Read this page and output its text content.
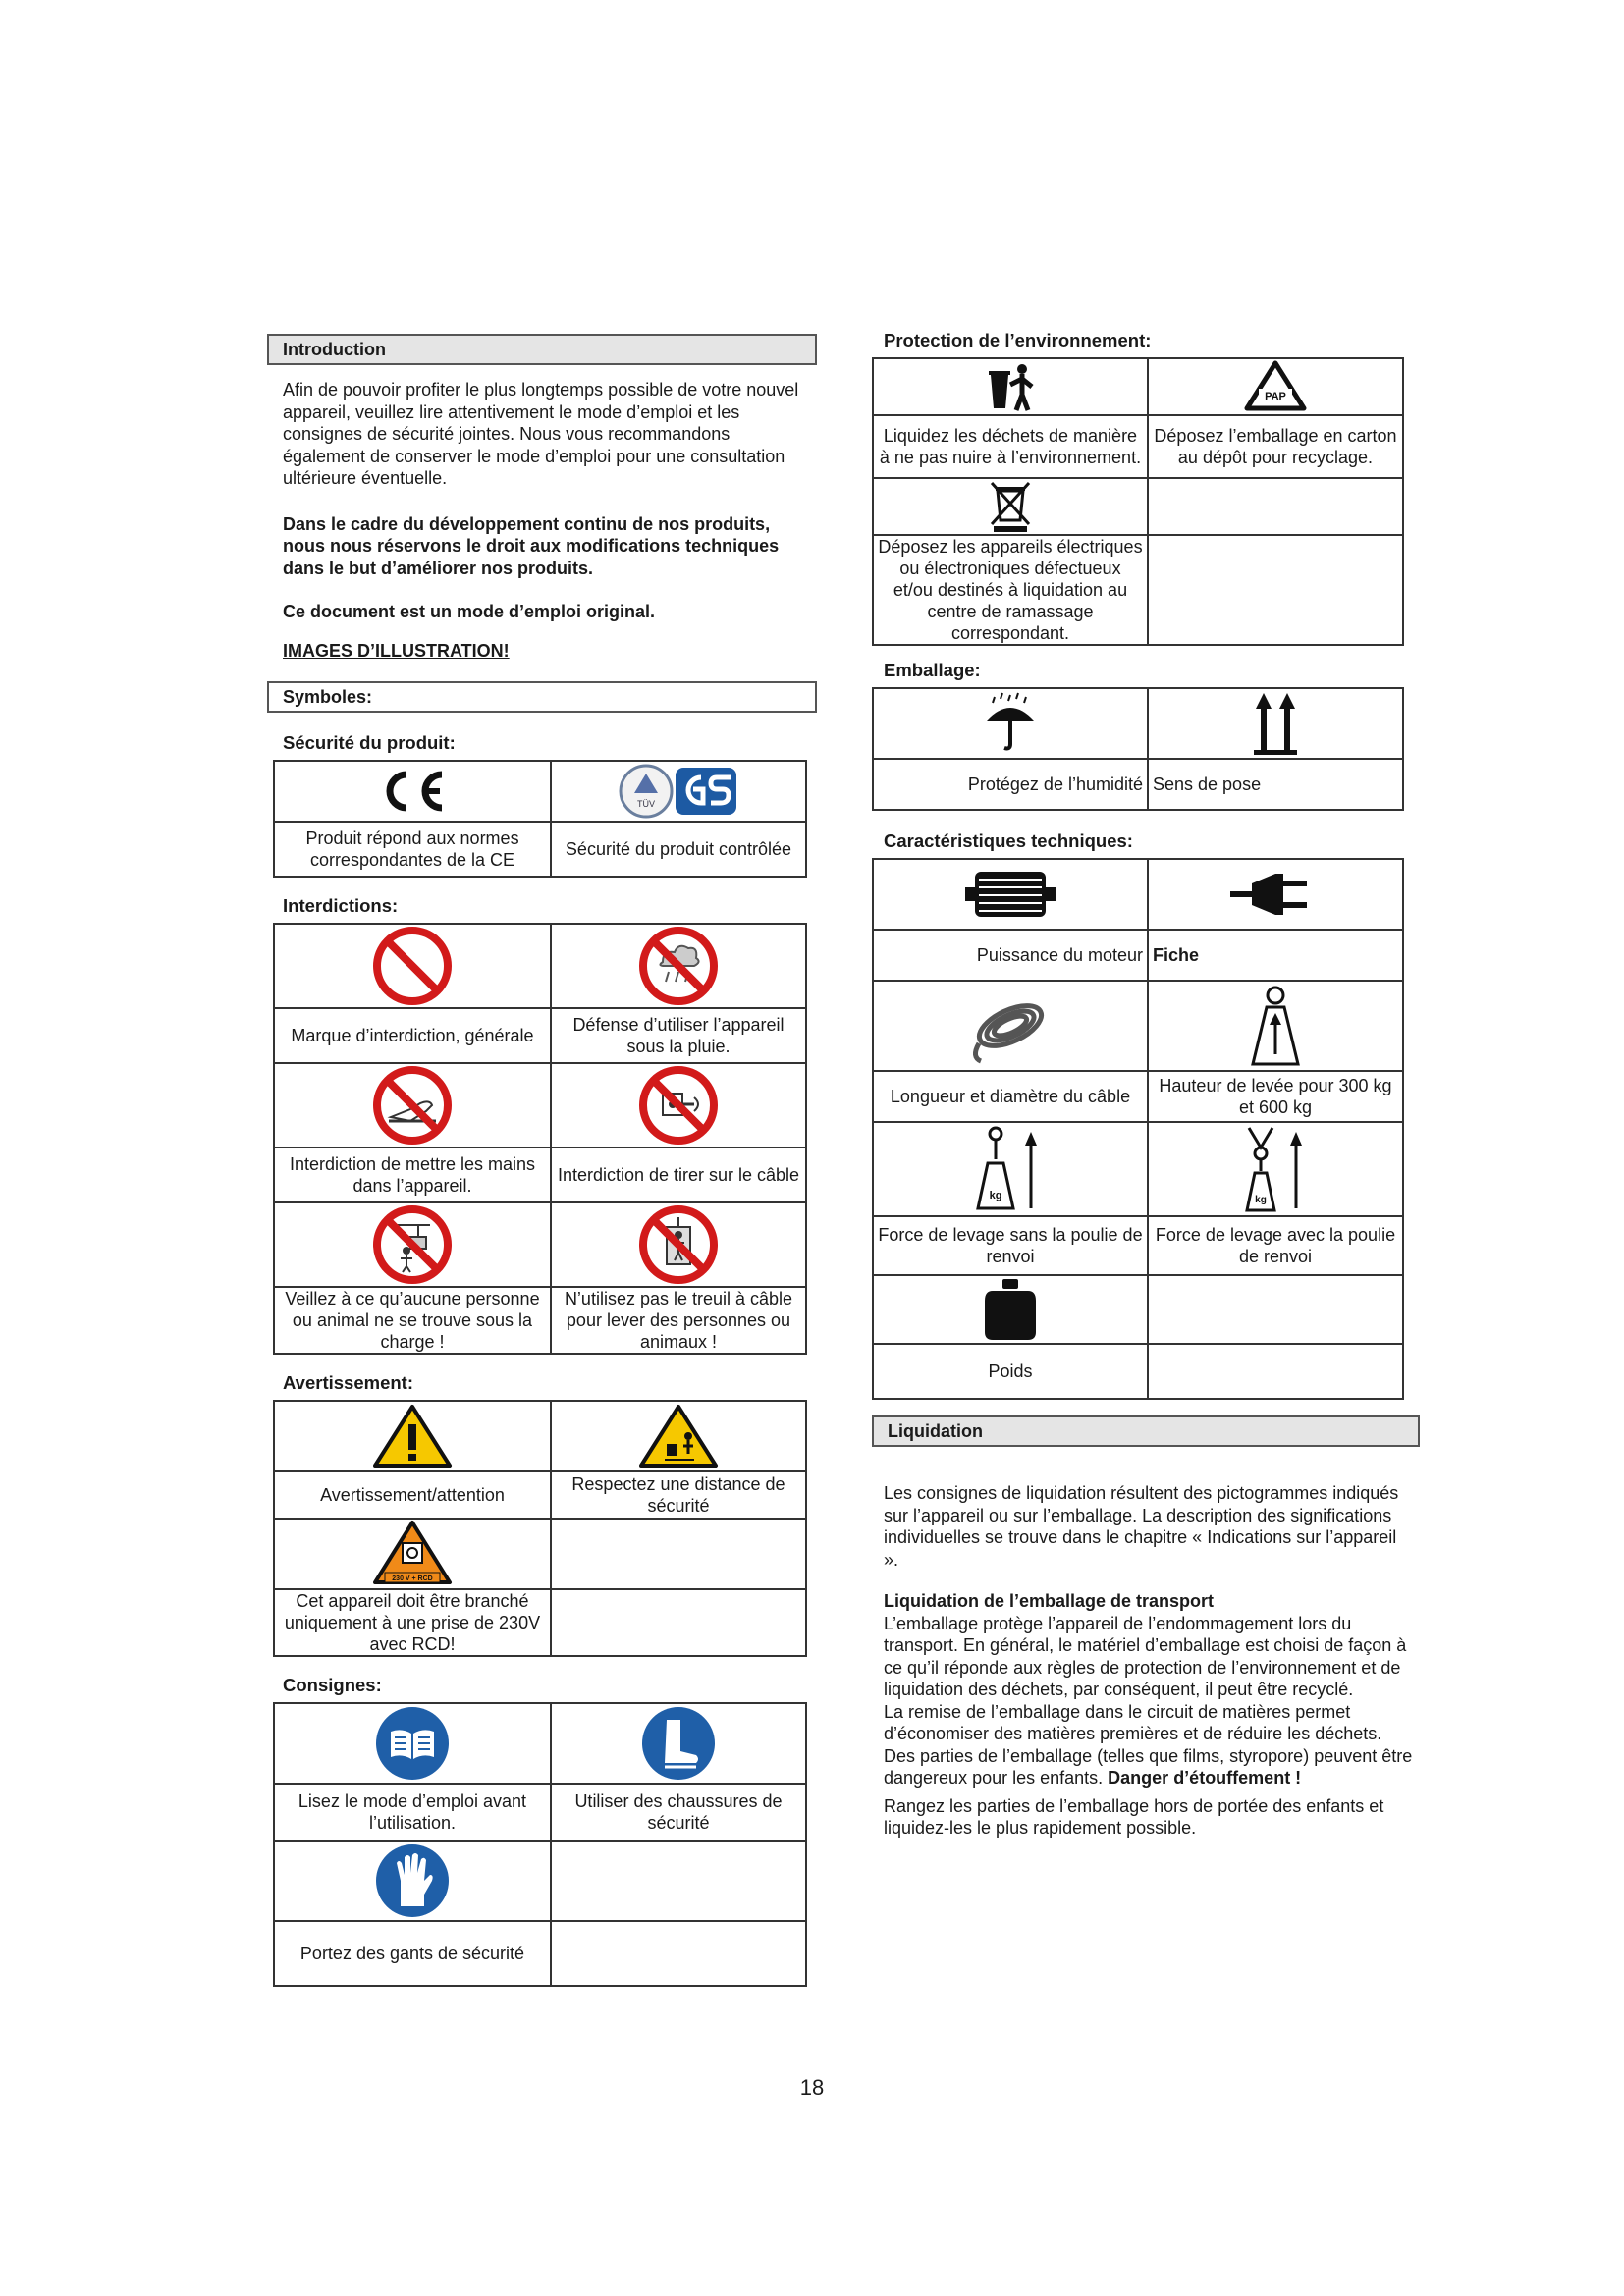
Introduction
Afin de pouvoir profiter le plus longtemps possible de votre nouvel appareil, veuillez lire attentivement le mode d’emploi et les consignes de sécurité jointes. Nous vous recommandons également de conserver le mode d’emploi pour une consultation ultérieure éventuelle.
Dans le cadre du développement continu de nos produits, nous nous réservons le droit aux modifications techniques dans le but d’améliorer nos produits.
Ce document est un mode d’emploi original.
IMAGES D’ILLUSTRATION!
Symboles:
Sécurité du produit:

TÜV

Produit répond aux normes correspondantes de la CE	Sécurité du produit contrôlée
Interdictions:

Marque d’interdiction, générale	Défense d’utiliser l’appareil sous la pluie.

Interdiction de mettre les mains dans l’appareil.	Interdiction de tirer sur le câble

Veillez à ce qu’aucune personne ou animal ne se trouve sous la charge !	N’utilisez pas le treuil à câble pour lever des personnes ou animaux !
Avertissement:

Avertissement/attention	Respectez une distance de sécurité

230 V + RCD	

Cet appareil doit être branché uniquement à une prise de 230V avec RCD!	
Consignes:

Lisez le mode d’emploi avant l’utilisation.	Utiliser des chaussures de sécurité

Portez des gants de sécurité	
Protection de l’environnement:

PAP

Liquidez les déchets de manière à ne pas nuire à l’environnement.	Déposez l’emballage en carton au dépôt pour recyclage.

Déposez les appareils électriques ou électroniques défectueux et/ou destinés à liquidation au centre de ramassage correspondant.	
Emballage:

Protégez de l’humidité	Sens de pose
Caractéristiques techniques:

Puissance du moteur	Fiche

Longueur et diamètre du câble	Hauteur de levée pour 300 kg et 600 kg

kg	kg

Force de levage sans la poulie de renvoi	Force de levage avec la poulie de renvoi

Poids	
Liquidation
Les consignes de liquidation résultent des pictogrammes indiqués sur l’appareil ou sur l’emballage. La description des significations individuelles se trouve dans le chapitre « Indications sur l’appareil ».
Liquidation de l’emballage de transport
L’emballage protège l’appareil de l’endommagement lors du transport. En général, le matériel d’emballage est choisi de façon à ce qu’il réponde aux règles de protection de l’environnement et de liquidation des déchets, par conséquent, il peut être recyclé.
La remise de l’emballage dans le circuit de matières permet d’économiser des matières premières et de réduire les déchets.
Des parties de l’emballage (telles que films, styropore) peuvent être dangereux pour les enfants. Danger d’étouffement !
Rangez les parties de l’emballage hors de portée des enfants et liquidez-les le plus rapidement possible.
18
